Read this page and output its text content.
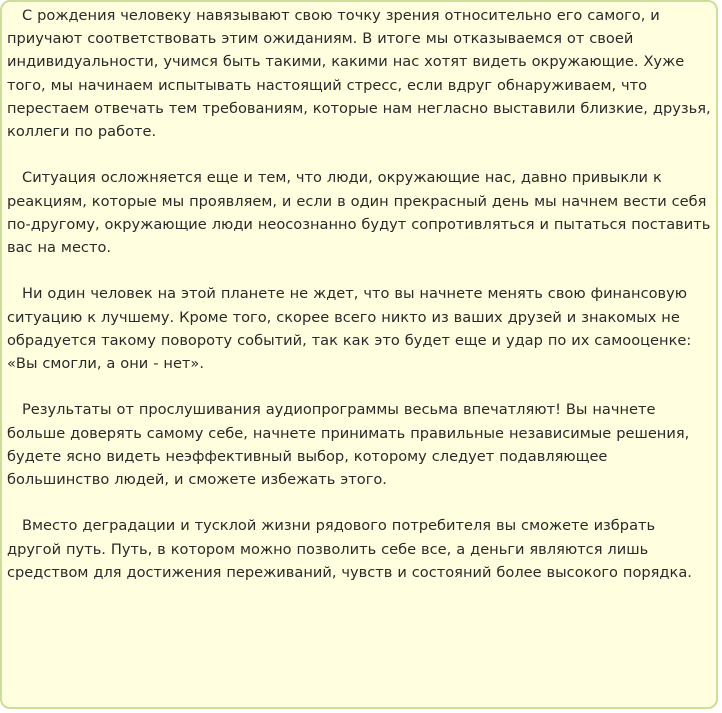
С рождения человеку навязывают свою точку зрения относительно его самого, и приучают соответствовать этим ожиданиям. В итоге мы отказываемся от своей индивидуальности, учимся быть такими, какими нас хотят видеть окружающие. Хуже того, мы начинаем испытывать настоящий стресс, если вдруг обнаруживаем, что перестаем отвечать тем требованиям, которые нам негласно выставили близкие, друзья, коллеги по работе.

Ситуация осложняется еще и тем, что люди, окружающие нас, давно привыкли к реакциям, которые мы проявляем, и если в один прекрасный день мы начнем вести себя по-другому, окружающие люди неосознанно будут сопротивляться и пытаться поставить вас на место.

Ни один человек на этой планете не ждет, что вы начнете менять свою финансовую ситуацию к лучшему. Кроме того, скорее всего никто из ваших друзей и знакомых не обрадуется такому повороту событий, так как это будет еще и удар по их самооценке: «Вы смогли, а они - нет».

Результаты от прослушивания аудиопрограммы весьма впечатляют! Вы начнете больше доверять самому себе, начнете принимать правильные независимые решения, будете ясно видеть неэффективный выбор, которому следует подавляющее большинство людей, и сможете избежать этого.

Вместо деградации и тусклой жизни рядового потребителя вы сможете избрать другой путь. Путь, в котором можно позволить себе все, а деньги являются лишь средством для достижения переживаний, чувств и состояний более высокого порядка.
